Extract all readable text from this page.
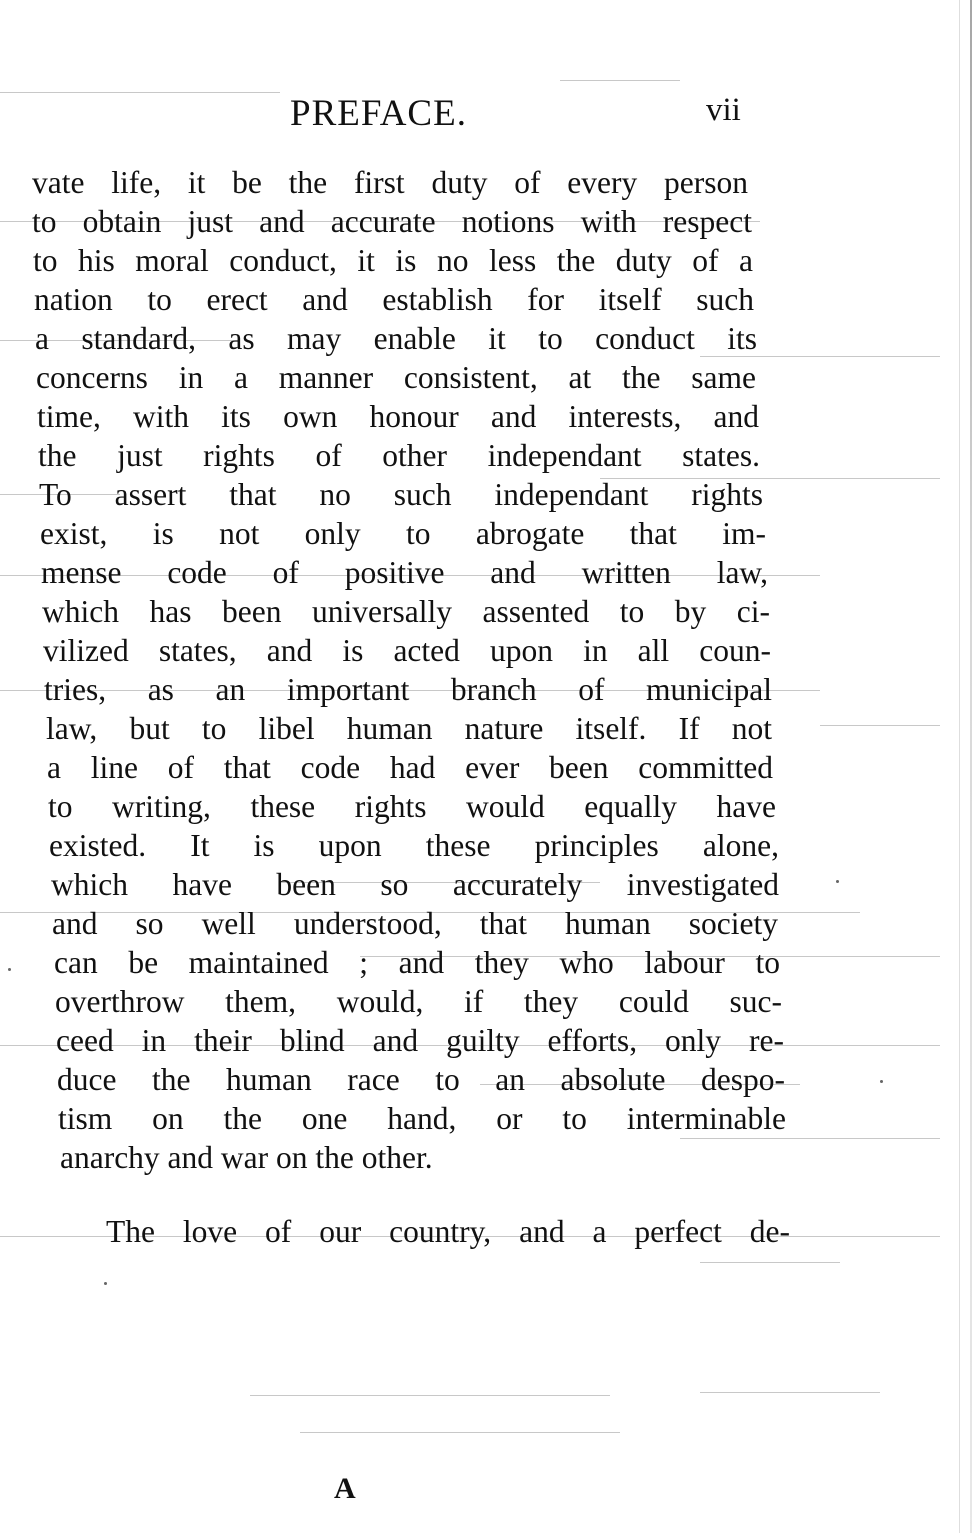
PREFACE.	vii
vate life, it be the first duty of every person
to obtain just and accurate notions with respect
to his moral conduct, it is no less the duty of a
nation to erect and establish for itself such
a standard, as may enable it to conduct its
concerns in a manner consistent, at the same
time, with its own honour and interests, and
the just rights of other independant states.
To assert that no such independant rights
exist, is not only to abrogate that im-
mense code of positive and written law,
which has been universally assented to by ci-
vilized states, and is acted upon in all coun-
tries, as an important branch of municipal
law, but to libel human nature itself. If not
a line of that code had ever been committed
to writing, these rights would equally have
existed. It is upon these principles alone,
which have been so accurately investigated
and so well understood, that human society
can be maintained ; and they who labour to
overthrow them, would, if they could suc-
ceed in their blind and guilty efforts, only re-
duce the human race to an absolute despo-
tism on the one hand, or to interminable
anarchy and war on the other.
The love of our country, and a perfect de-
A
